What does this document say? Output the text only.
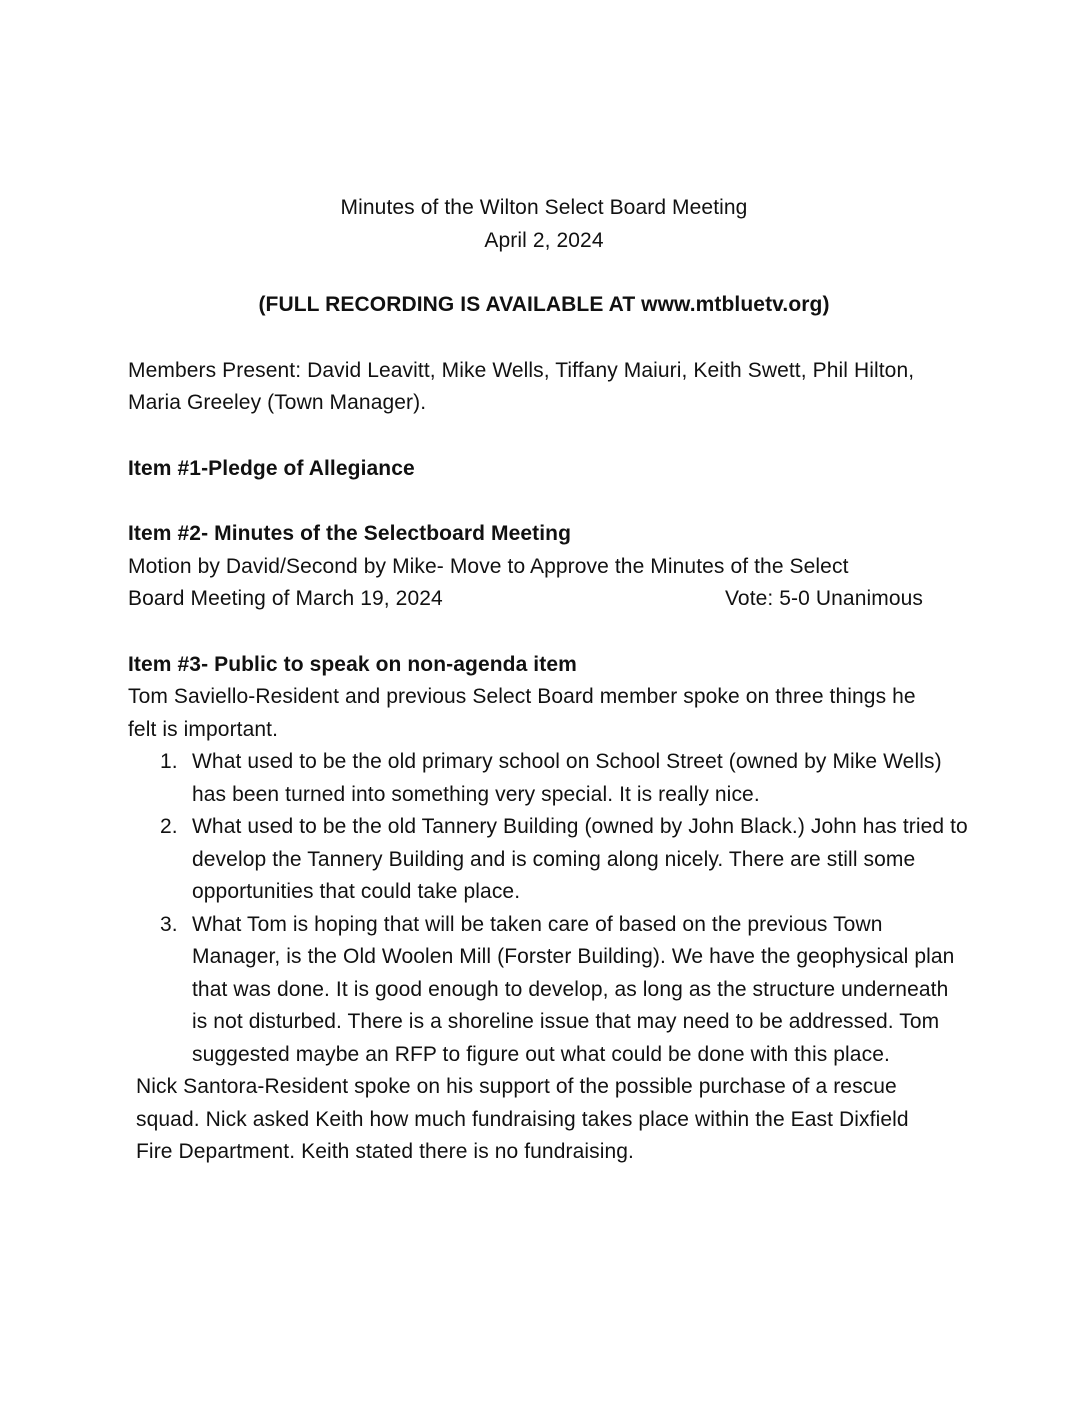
Minutes of the Wilton Select Board Meeting

April 2, 2024

(FULL RECORDING IS AVAILABLE AT www.mtbluetv.org)

Members Present: David Leavitt, Mike Wells, Tiffany Maiuri, Keith Swett, Phil Hilton, Maria Greeley (Town Manager).

Item #1-Pledge of Allegiance

Item #2- Minutes of the Selectboard Meeting

Motion by David/Second by Mike- Move to Approve the Minutes of the Select

Board Meeting of March 19, 2024	Vote: 5-0 Unanimous

Item #3- Public to speak on non-agenda item

Tom Saviello-Resident and previous Select Board member spoke on three things he felt is important.

1. What used to be the old primary school on School Street (owned by Mike Wells) has been turned into something very special. It is really nice.
2. What used to be the old Tannery Building (owned by John Black.) John has tried to develop the Tannery Building and is coming along nicely. There are still some opportunities that could take place.
3. What Tom is hoping that will be taken care of based on the previous Town Manager, is the Old Woolen Mill (Forster Building). We have the geophysical plan that was done. It is good enough to develop, as long as the structure underneath is not disturbed. There is a shoreline issue that may need to be addressed. Tom suggested maybe an RFP to figure out what could be done with this place.

Nick Santora-Resident spoke on his support of the possible purchase of a rescue squad. Nick asked Keith how much fundraising takes place within the East Dixfield Fire Department. Keith stated there is no fundraising.
